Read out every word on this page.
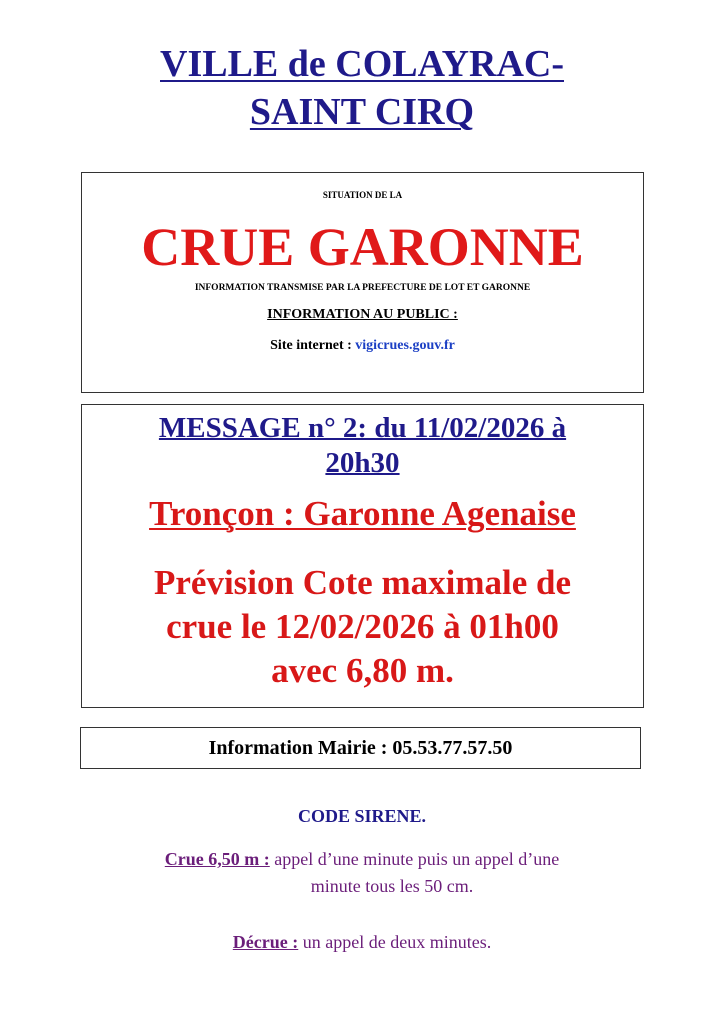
VILLE de COLAYRAC-
SAINT CIRQ
SITUATION DE LA
CRUE GARONNE
INFORMATION TRANSMISE PAR LA PREFECTURE DE LOT ET GARONNE
INFORMATION AU PUBLIC :
Site internet : vigicrues.gouv.fr
MESSAGE n° 2: du 11/02/2026 à
20h30
Tronçon : Garonne Agenaise
Prévision Cote maximale de
crue le 12/02/2026 à 01h00
avec 6,80 m.
Information Mairie : 05.53.77.57.50
CODE SIRENE.
Crue 6,50 m : appel d’une minute puis un appel d’une
minute tous les 50 cm.
Décrue : un appel de deux minutes.
